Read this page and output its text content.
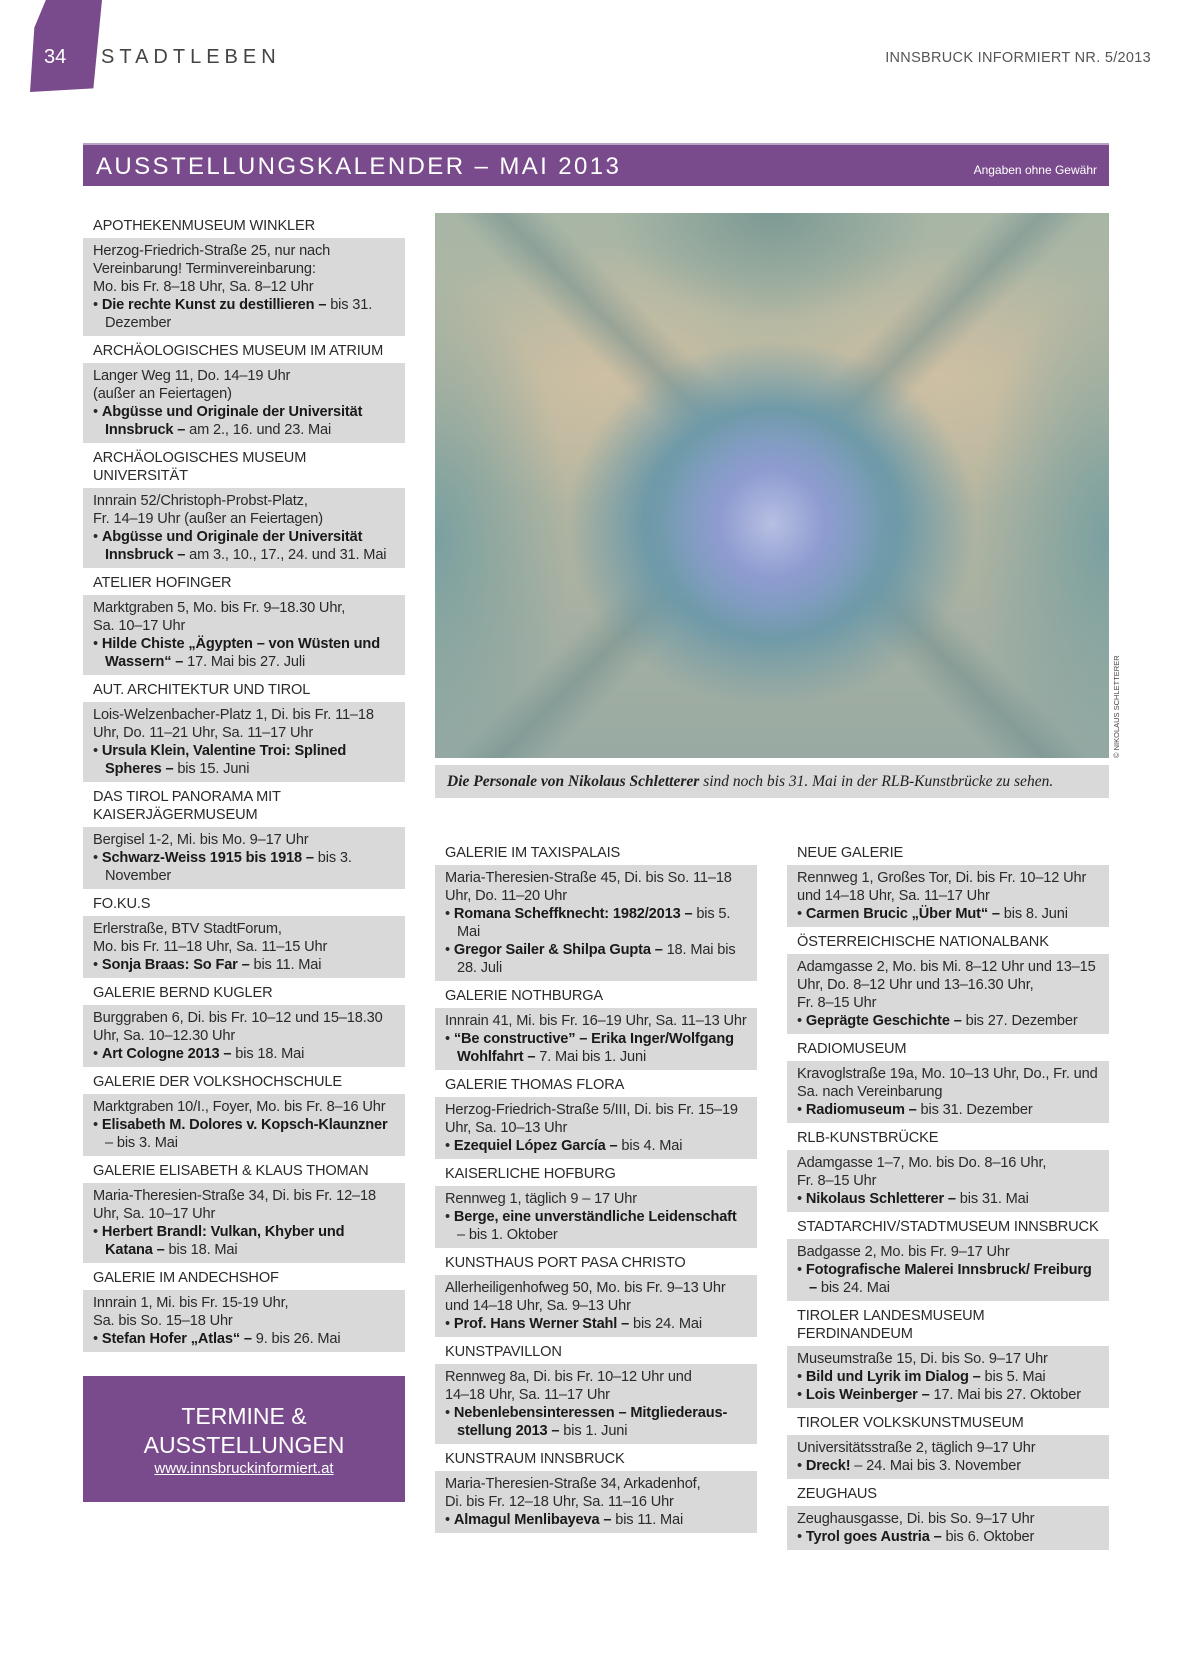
34 STADTLEBEN	INNSBRUCK INFORMIERT NR. 5/2013
AUSSTELLUNGSKALENDER – MAI 2013	Angaben ohne Gewähr
© NIKOLAUS SCHLETTERER
Die Personale von Nikolaus Schletterer sind noch bis 31. Mai in der RLB-Kunstbrücke zu sehen.
APOTHEKENMUSEUM WINKLER
Herzog-Friedrich-Straße 25, nur nach Vereinbarung! Terminvereinbarung:
Mo. bis Fr. 8–18 Uhr, Sa. 8–12 Uhr
• Die rechte Kunst zu destillieren – bis 31. Dezember
ARCHÄOLOGISCHES MUSEUM IM ATRIUM
Langer Weg 11, Do. 14–19 Uhr
(außer an Feiertagen)
• Abgüsse und Originale der Universität Innsbruck – am 2., 16. und 23. Mai
ARCHÄOLOGISCHES MUSEUM UNIVERSITÄT
Innrain 52/Christoph-Probst-Platz,
Fr. 14–19 Uhr (außer an Feiertagen)
• Abgüsse und Originale der Universität Innsbruck – am 3., 10., 17., 24. und 31. Mai
ATELIER HOFINGER
Marktgraben 5, Mo. bis Fr. 9–18.30 Uhr,
Sa. 10–17 Uhr
• Hilde Chiste „Ägypten – von Wüsten und Wassern“ – 17. Mai bis 27. Juli
AUT. ARCHITEKTUR UND TIROL
Lois-Welzenbacher-Platz 1, Di. bis Fr. 11–18 Uhr, Do. 11–21 Uhr, Sa. 11–17 Uhr
• Ursula Klein, Valentine Troi: Splined Spheres – bis 15. Juni
DAS TIROL PANORAMA MIT KAISERJÄGERMUSEUM
Bergisel 1-2, Mi. bis Mo. 9–17 Uhr
• Schwarz-Weiss 1915 bis 1918 – bis 3. November
FO.KU.S
Erlerstraße, BTV StadtForum,
Mo. bis Fr. 11–18 Uhr, Sa. 11–15 Uhr
• Sonja Braas: So Far – bis 11. Mai
GALERIE BERND KUGLER
Burggraben 6, Di. bis Fr. 10–12 und 15–18.30 Uhr, Sa. 10–12.30 Uhr
• Art Cologne 2013 – bis 18. Mai
GALERIE DER VOLKSHOCHSCHULE
Marktgraben 10/I., Foyer, Mo. bis Fr. 8–16 Uhr
• Elisabeth M. Dolores v. Kopsch-Klaunzner – bis 3. Mai
GALERIE ELISABETH & KLAUS THOMAN
Maria-Theresien-Straße 34, Di. bis Fr. 12–18 Uhr, Sa. 10–17 Uhr
• Herbert Brandl: Vulkan, Khyber und Katana – bis 18. Mai
GALERIE IM ANDECHSHOF
Innrain 1, Mi. bis Fr. 15-19 Uhr,
Sa. bis So. 15–18 Uhr
• Stefan Hofer „Atlas“ – 9. bis 26. Mai
TERMINE &
AUSSTELLUNGEN
www.innsbruckinformiert.at
GALERIE IM TAXISPALAIS
Maria-Theresien-Straße 45, Di. bis So. 11–18 Uhr, Do. 11–20 Uhr
• Romana Scheffknecht: 1982/2013 – bis 5. Mai
• Gregor Sailer & Shilpa Gupta – 18. Mai bis 28. Juli
GALERIE NOTHBURGA
Innrain 41, Mi. bis Fr. 16–19 Uhr, Sa. 11–13 Uhr
• “Be constructive” – Erika Inger/Wolfgang Wohlfahrt – 7. Mai bis 1. Juni
GALERIE THOMAS FLORA
Herzog-Friedrich-Straße 5/III, Di. bis Fr. 15–19 Uhr, Sa. 10–13 Uhr
• Ezequiel López García – bis 4. Mai
KAISERLICHE HOFBURG
Rennweg 1, täglich 9 – 17 Uhr
• Berge, eine unverständliche Leidenschaft – bis 1. Oktober
KUNSTHAUS PORT PASA CHRISTO
Allerheiligenhofweg 50, Mo. bis Fr. 9–13 Uhr und 14–18 Uhr, Sa. 9–13 Uhr
• Prof. Hans Werner Stahl – bis 24. Mai
KUNSTPAVILLON
Rennweg 8a, Di. bis Fr. 10–12 Uhr und
14–18 Uhr, Sa. 11–17 Uhr
• Nebenlebensinteressen – Mitgliederaus-stellung 2013 – bis 1. Juni
KUNSTRAUM INNSBRUCK
Maria-Theresien-Straße 34, Arkadenhof,
Di. bis Fr. 12–18 Uhr, Sa. 11–16 Uhr
• Almagul Menlibayeva – bis 11. Mai
NEUE GALERIE
Rennweg 1, Großes Tor, Di. bis Fr. 10–12 Uhr und 14–18 Uhr, Sa. 11–17 Uhr
• Carmen Brucic „Über Mut“ – bis 8. Juni
ÖSTERREICHISCHE NATIONALBANK
Adamgasse 2, Mo. bis Mi. 8–12 Uhr und 13–15 Uhr, Do. 8–12 Uhr und 13–16.30 Uhr,
Fr. 8–15 Uhr
• Geprägte Geschichte – bis 27. Dezember
RADIOMUSEUM
Kravoglstraße 19a, Mo. 10–13 Uhr, Do., Fr. und Sa. nach Vereinbarung
• Radiomuseum – bis 31. Dezember
RLB-KUNSTBRÜCKE
Adamgasse 1–7, Mo. bis Do. 8–16 Uhr,
Fr. 8–15 Uhr
• Nikolaus Schletterer – bis 31. Mai
STADTARCHIV/STADTMUSEUM INNSBRUCK
Badgasse 2, Mo. bis Fr. 9–17 Uhr
• Fotografische Malerei Innsbruck/ Freiburg – bis 24. Mai
TIROLER LANDESMUSEUM FERDINANDEUM
Museumstraße 15, Di. bis So. 9–17 Uhr
• Bild und Lyrik im Dialog – bis 5. Mai
• Lois Weinberger – 17. Mai bis 27. Oktober
TIROLER VOLKSKUNSTMUSEUM
Universitätsstraße 2, täglich 9–17 Uhr
• Dreck! – 24. Mai bis 3. November
ZEUGHAUS
Zeughausgasse, Di. bis So. 9–17 Uhr
• Tyrol goes Austria – bis 6. Oktober
